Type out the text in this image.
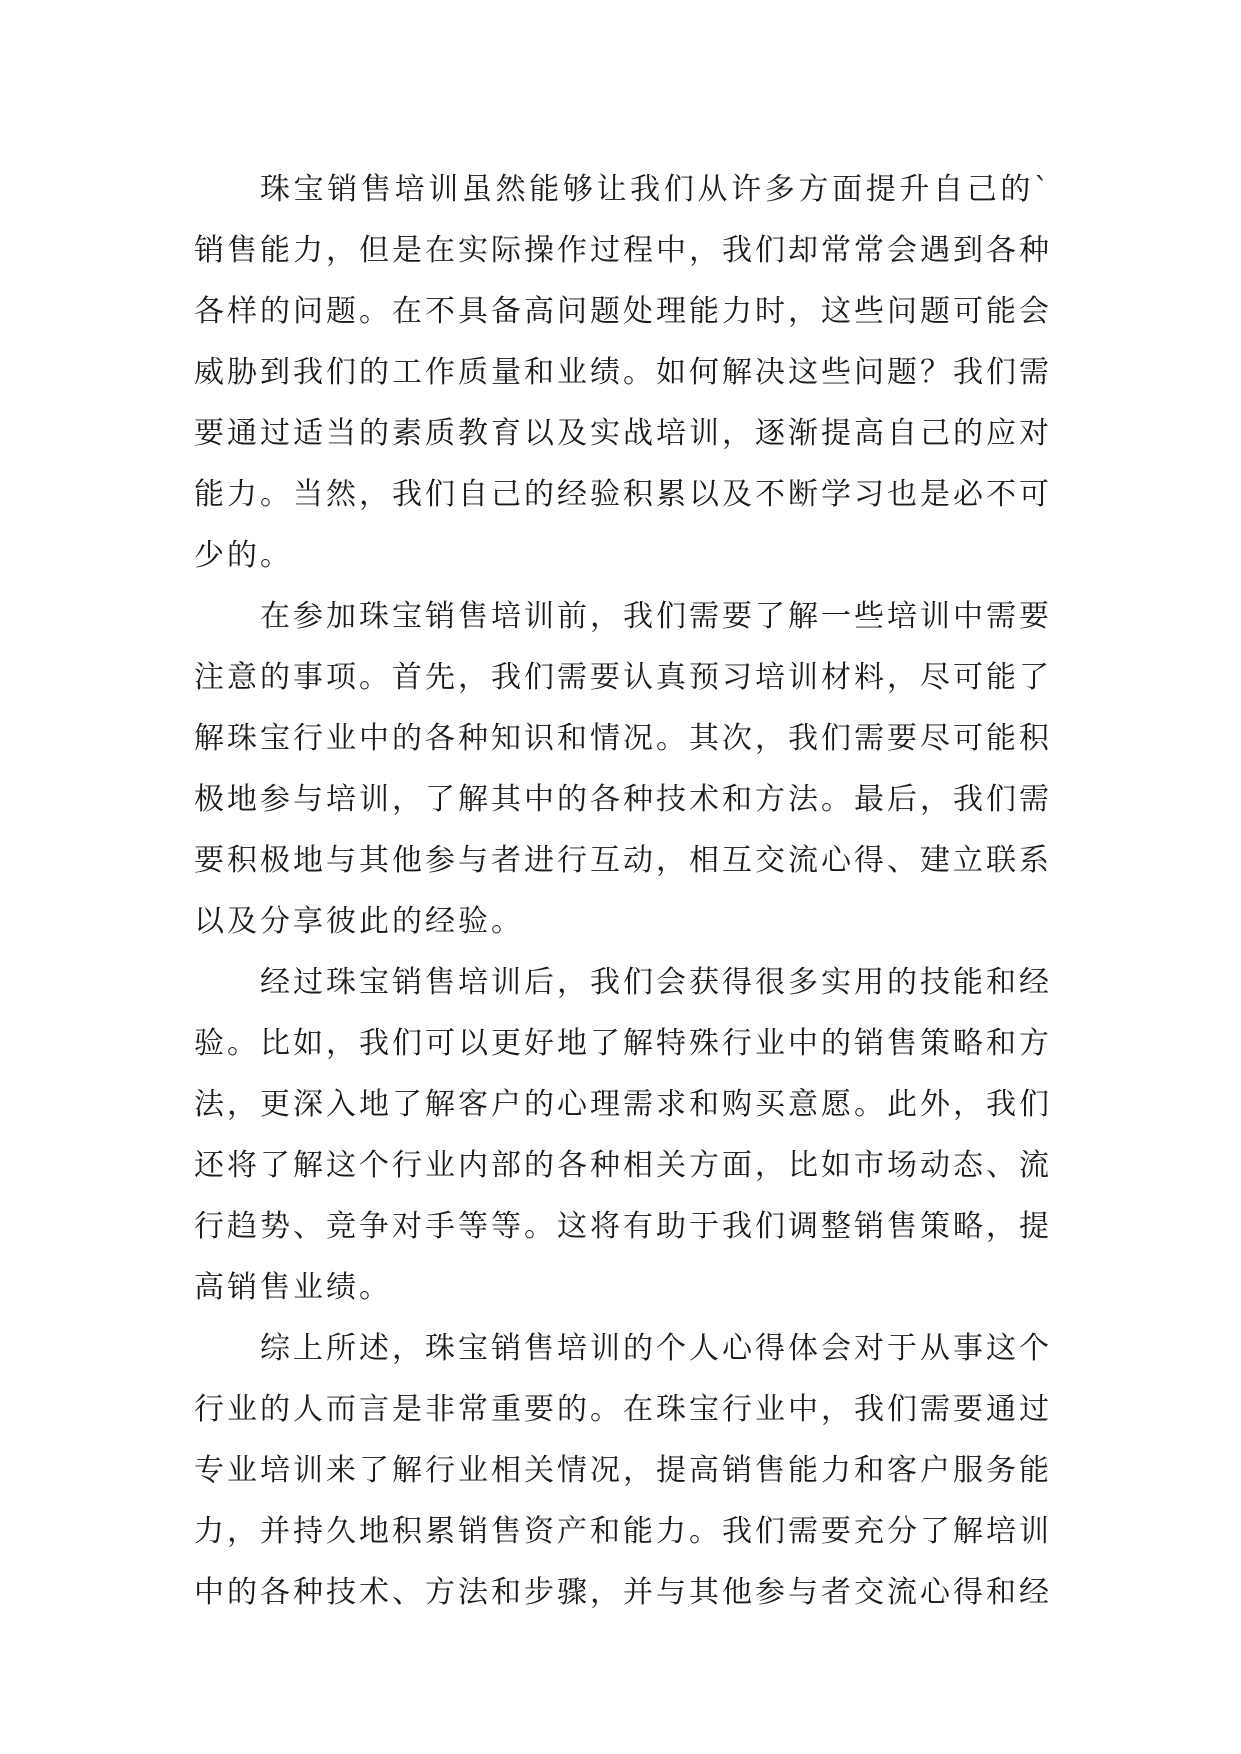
珠宝销售培训虽然能够让我们从许多方面提升自己的`销售能力，但是在实际操作过程中，我们却常常会遇到各种各样的问题。在不具备高问题处理能力时，这些问题可能会威胁到我们的工作质量和业绩。如何解决这些问题？我们需要通过适当的素质教育以及实战培训，逐渐提高自己的应对能力。当然，我们自己的经验积累以及不断学习也是必不可少的。

在参加珠宝销售培训前，我们需要了解一些培训中需要注意的事项。首先，我们需要认真预习培训材料，尽可能了解珠宝行业中的各种知识和情况。其次，我们需要尽可能积极地参与培训，了解其中的各种技术和方法。最后，我们需要积极地与其他参与者进行互动，相互交流心得、建立联系以及分享彼此的经验。

经过珠宝销售培训后，我们会获得很多实用的技能和经验。比如，我们可以更好地了解特殊行业中的销售策略和方法，更深入地了解客户的心理需求和购买意愿。此外，我们还将了解这个行业内部的各种相关方面，比如市场动态、流行趋势、竞争对手等等。这将有助于我们调整销售策略，提高销售业绩。

综上所述，珠宝销售培训的个人心得体会对于从事这个行业的人而言是非常重要的。在珠宝行业中，我们需要通过专业培训来了解行业相关情况，提高销售能力和客户服务能力，并持久地积累销售资产和能力。我们需要充分了解培训中的各种技术、方法和步骤，并与其他参与者交流心得和经
